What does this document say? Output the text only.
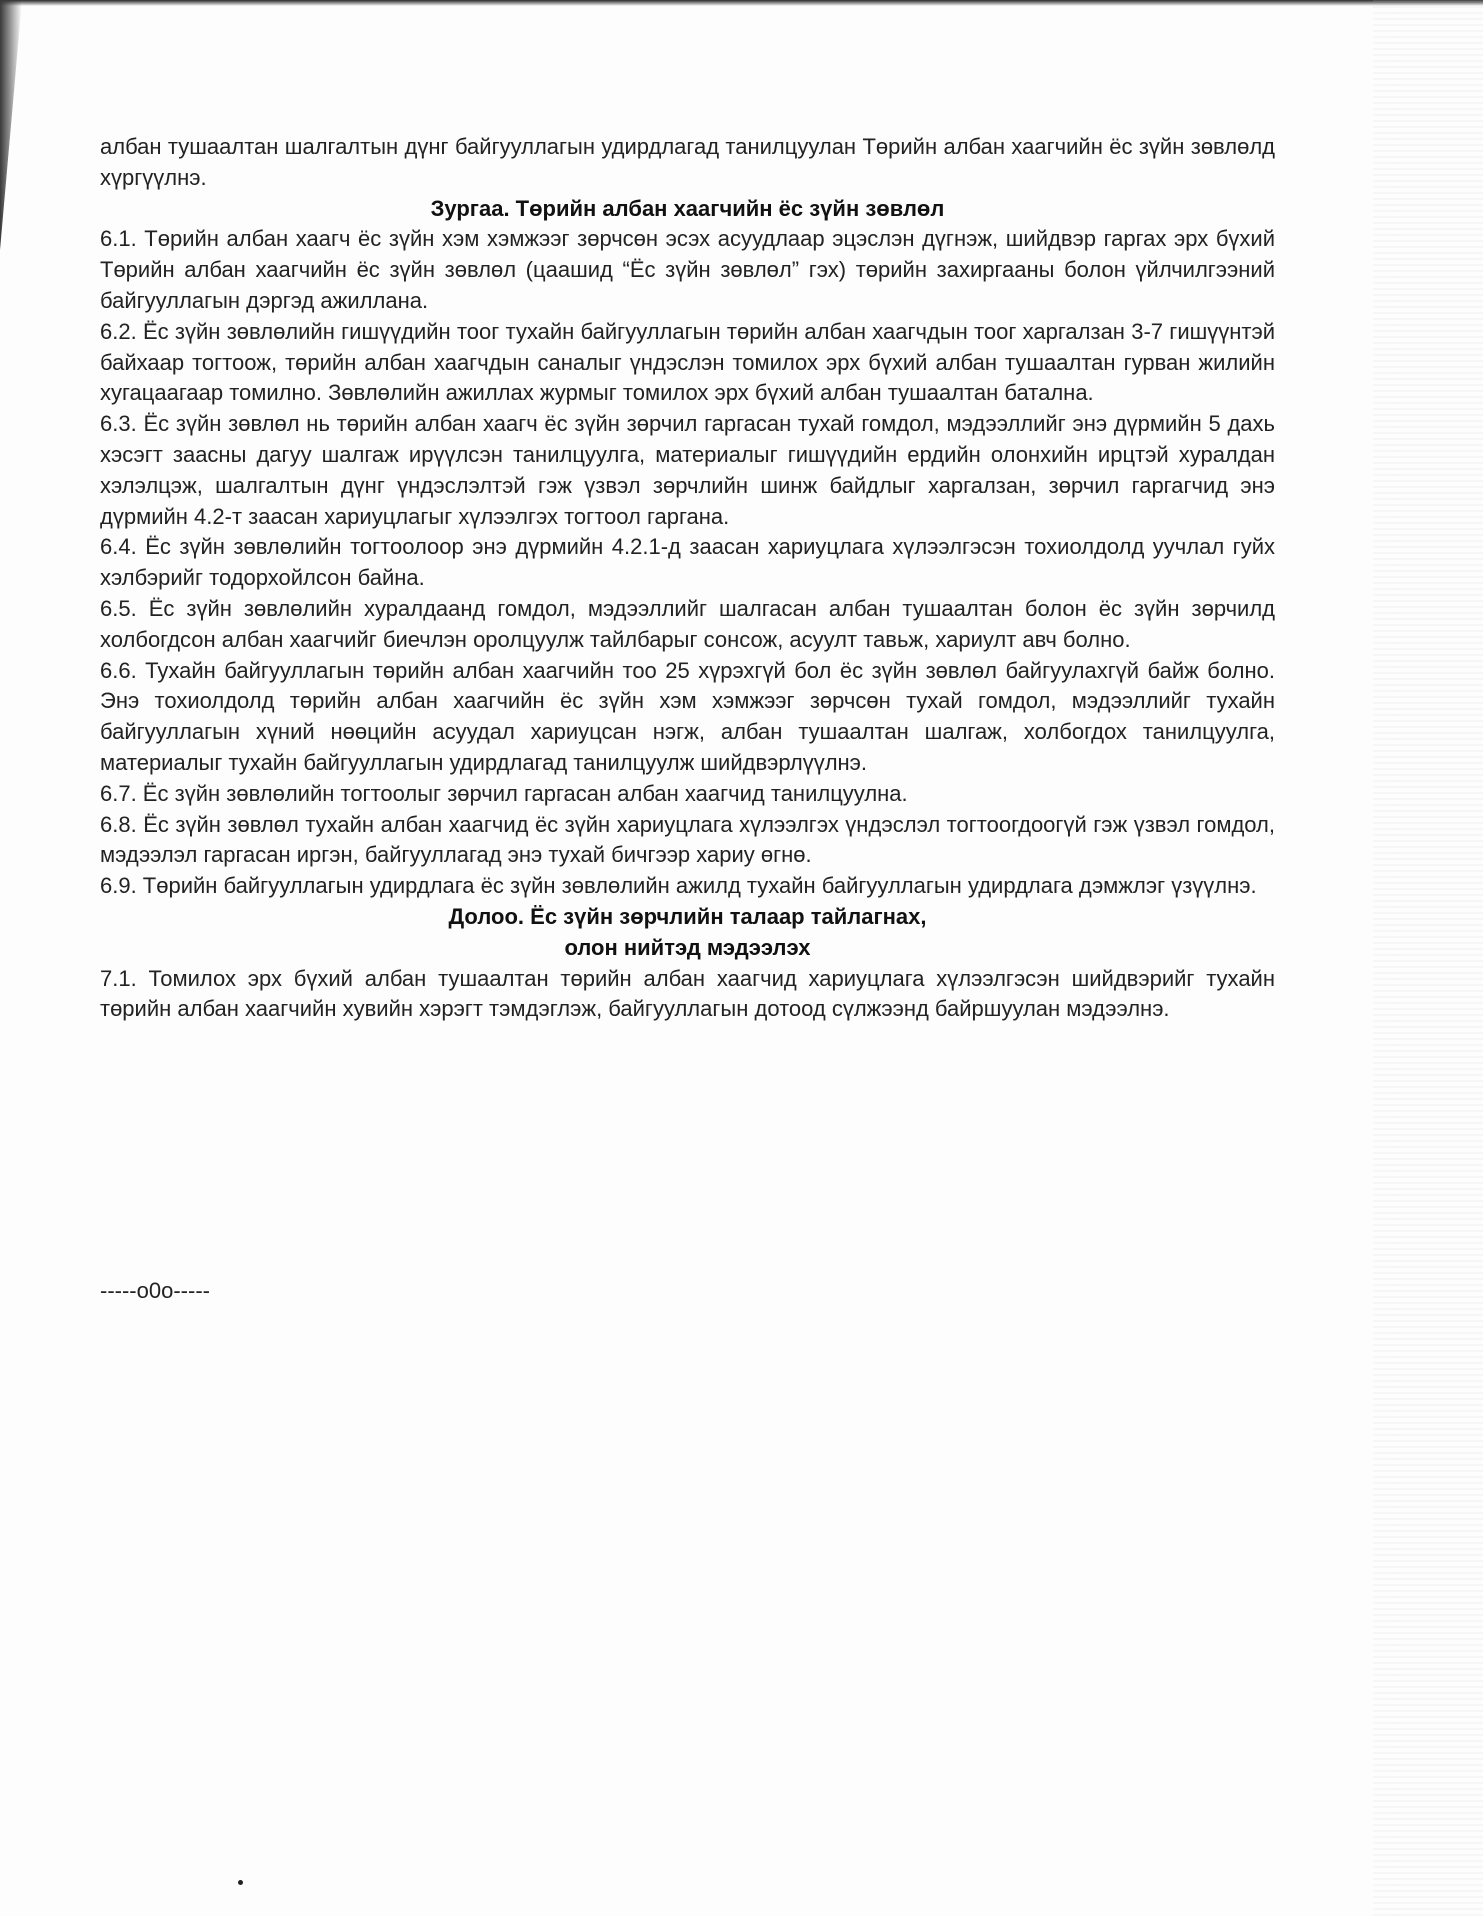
албан тушаалтан шалгалтын дүнг байгууллагын удирдлагад танилцуулан Төрийн албан хаагчийн ёс зүйн зөвлөлд хүргүүлнэ.

Зургаа. Төрийн албан хаагчийн ёс зүйн зөвлөл

6.1. Төрийн албан хаагч ёс зүйн хэм хэмжээг зөрчсөн эсэх асуудлаар эцэслэн дүгнэж, шийдвэр гаргах эрх бүхий Төрийн албан хаагчийн ёс зүйн зөвлөл (цаашид “Ёс зүйн зөвлөл” гэх) төрийн захиргааны болон үйлчилгээний байгууллагын дэргэд ажиллана.

6.2. Ёс зүйн зөвлөлийн гишүүдийн тоог тухайн байгууллагын төрийн албан хаагчдын тоог харгалзан 3-7 гишүүнтэй байхаар тогтоож, төрийн албан хаагчдын саналыг үндэслэн томилох эрх бүхий албан тушаалтан гурван жилийн хугацаагаар томилно. Зөвлөлийн ажиллах журмыг томилох эрх бүхий албан тушаалтан батална.

6.3. Ёс зүйн зөвлөл нь төрийн албан хаагч ёс зүйн зөрчил гаргасан тухай гомдол, мэдээллийг энэ дүрмийн 5 дахь хэсэгт заасны дагуу шалгаж ирүүлсэн танилцуулга, материалыг гишүүдийн ердийн олонхийн ирцтэй хуралдан хэлэлцэж, шалгалтын дүнг үндэслэлтэй гэж үзвэл зөрчлийн шинж байдлыг харгалзан, зөрчил гаргагчид энэ дүрмийн 4.2-т заасан хариуцлагыг хүлээлгэх тогтоол гаргана.

6.4. Ёс зүйн зөвлөлийн тогтоолоор энэ дүрмийн 4.2.1-д заасан хариуцлага хүлээлгэсэн тохиолдолд уучлал гуйх хэлбэрийг тодорхойлсон байна.

6.5. Ёс зүйн зөвлөлийн хуралдаанд гомдол, мэдээллийг шалгасан албан тушаалтан болон ёс зүйн зөрчилд холбогдсон албан хаагчийг биечлэн оролцуулж тайлбарыг сонсож, асуулт тавьж, хариулт авч болно.

6.6. Тухайн байгууллагын төрийн албан хаагчийн тоо 25 хүрэхгүй бол ёс зүйн зөвлөл байгуулахгүй байж болно. Энэ тохиолдолд төрийн албан хаагчийн ёс зүйн хэм хэмжээг зөрчсөн тухай гомдол, мэдээллийг тухайн байгууллагын хүний нөөцийн асуудал хариуцсан нэгж, албан тушаалтан шалгаж, холбогдох танилцуулга, материалыг тухайн байгууллагын удирдлагад танилцуулж шийдвэрлүүлнэ.

6.7. Ёс зүйн зөвлөлийн тогтоолыг зөрчил гаргасан албан хаагчид танилцуулна.

6.8. Ёс зүйн зөвлөл тухайн албан хаагчид ёс зүйн хариуцлага хүлээлгэх үндэслэл тогтоогдоогүй гэж үзвэл гомдол, мэдээлэл гаргасан иргэн, байгууллагад энэ тухай бичгээр хариу өгнө.

6.9. Төрийн байгууллагын удирдлага ёс зүйн зөвлөлийн ажилд тухайн байгууллагын удирдлага дэмжлэг үзүүлнэ.

Долоо. Ёс зүйн зөрчлийн талаар тайлагнах,
олон нийтэд мэдээлэх

7.1. Томилох эрх бүхий албан тушаалтан төрийн албан хаагчид хариуцлага хүлээлгэсэн шийдвэрийг тухайн төрийн албан хаагчийн хувийн хэрэгт тэмдэглэж, байгууллагын дотоод сүлжээнд байршуулан мэдээлнэ.

-----o0o-----
